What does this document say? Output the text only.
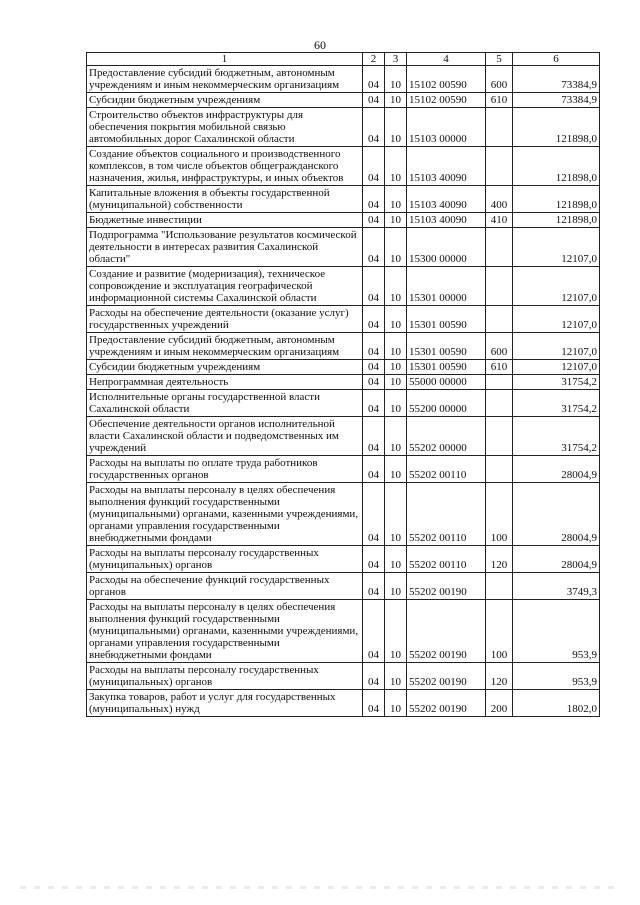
60
1	2	3	4	5	6
Предоставление субсидий бюджетным, автономным учреждениям и иным некоммерческим организациям	04	10	15102 00590	600	73384,9
Субсидии бюджетным учреждениям	04	10	15102 00590	610	73384,9
Строительство объектов инфраструктуры для обеспечения покрытия мобильной связью автомобильных дорог Сахалинской области	04	10	15103 00000		121898,0
Создание объектов социального и производственного комплексов, в том числе объектов общегражданского назначения, жилья, инфраструктуры, и иных объектов	04	10	15103 40090		121898,0
Капитальные вложения в объекты государственной (муниципальной) собственности	04	10	15103 40090	400	121898,0
Бюджетные инвестиции	04	10	15103 40090	410	121898,0
Подпрограмма "Использование результатов космической деятельности в интересах развития Сахалинской области"	04	10	15300 00000		12107,0
Создание и развитие (модернизация), техническое сопровождение и эксплуатация географической информационной системы Сахалинской области	04	10	15301 00000		12107,0
Расходы на обеспечение деятельности (оказание услуг) государственных учреждений	04	10	15301 00590		12107,0
Предоставление субсидий бюджетным, автономным учреждениям и иным некоммерческим организациям	04	10	15301 00590	600	12107,0
Субсидии бюджетным учреждениям	04	10	15301 00590	610	12107,0
Непрограммная деятельность	04	10	55000 00000		31754,2
Исполнительные органы государственной власти Сахалинской области	04	10	55200 00000		31754,2
Обеспечение деятельности органов исполнительной власти Сахалинской области и подведомственных им учреждений	04	10	55202 00000		31754,2
Расходы на выплаты по оплате труда работников государственных органов	04	10	55202 00110		28004,9
Расходы на выплаты персоналу в целях обеспечения выполнения функций государственными (муниципальными) органами, казенными учреждениями, органами управления государственными внебюджетными фондами	04	10	55202 00110	100	28004,9
Расходы на выплаты персоналу государственных (муниципальных) органов	04	10	55202 00110	120	28004,9
Расходы на обеспечение функций государственных органов	04	10	55202 00190		3749,3
Расходы на выплаты персоналу в целях обеспечения выполнения функций государственными (муниципальными) органами, казенными учреждениями, органами управления государственными внебюджетными фондами	04	10	55202 00190	100	953,9
Расходы на выплаты персоналу государственных (муниципальных) органов	04	10	55202 00190	120	953,9
Закупка товаров, работ и услуг для государственных (муниципальных) нужд	04	10	55202 00190	200	1802,0
